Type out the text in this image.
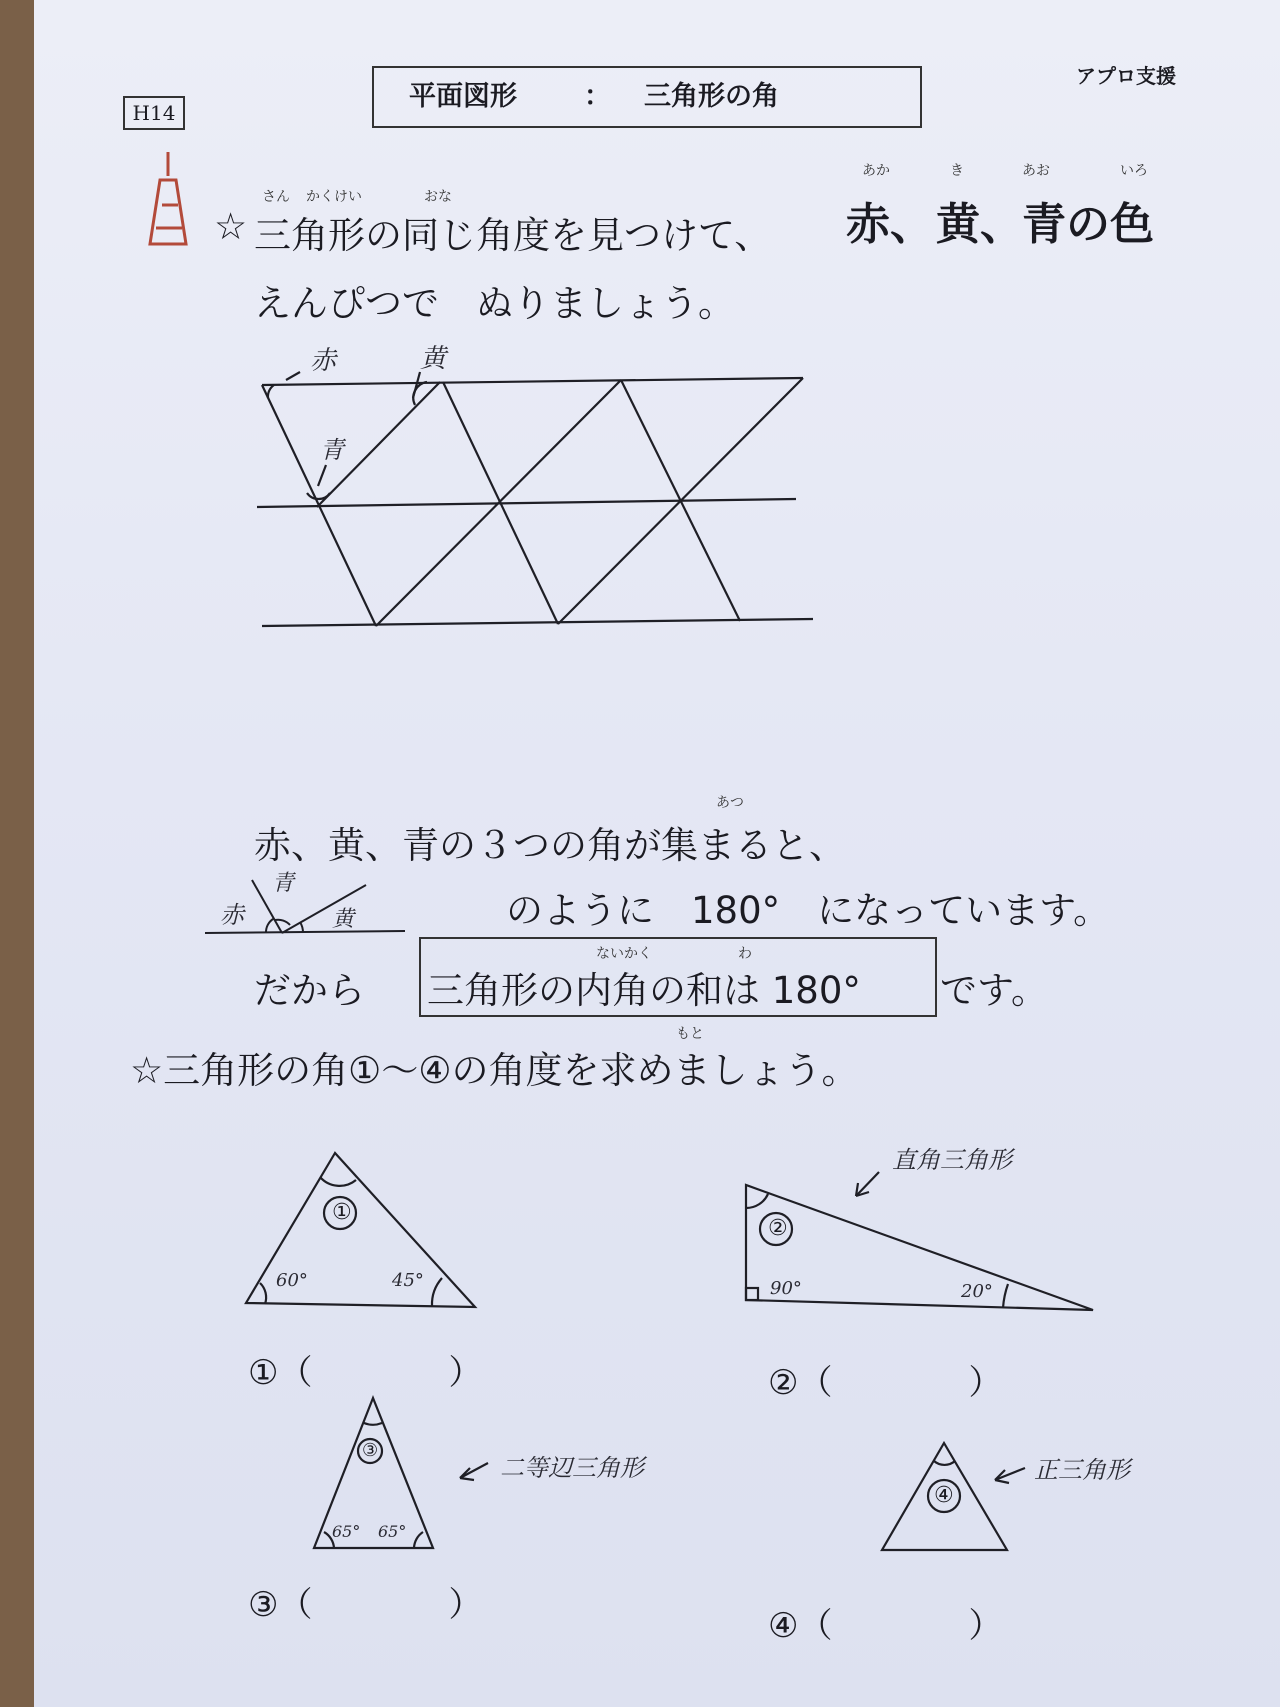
H14
平面図形 ： 三角形の角
アプロ支援
さん かくけい	おな
あか	き	あお	いろ
☆ 三角形の同じ角度を見つけて、 赤 、 黄 、
青の色
えんぴつで　ぬりましょう。
赤	黄
青
あつ
赤、黄、青の３つの角が集まると、
赤
青
黄	のように　180°　になっています。
ないかく	わ
だから 三角形の内角の和は 180° です。
もと
☆三角形の角①～④の角度を求めましょう。
①
60°	45°
①（　　　　）
直角三角形
②
90°	20°
②（　　　　）
二等辺三角形
③
65° 65°
③（　　　　）
正三角形
④
④（　　　　）
